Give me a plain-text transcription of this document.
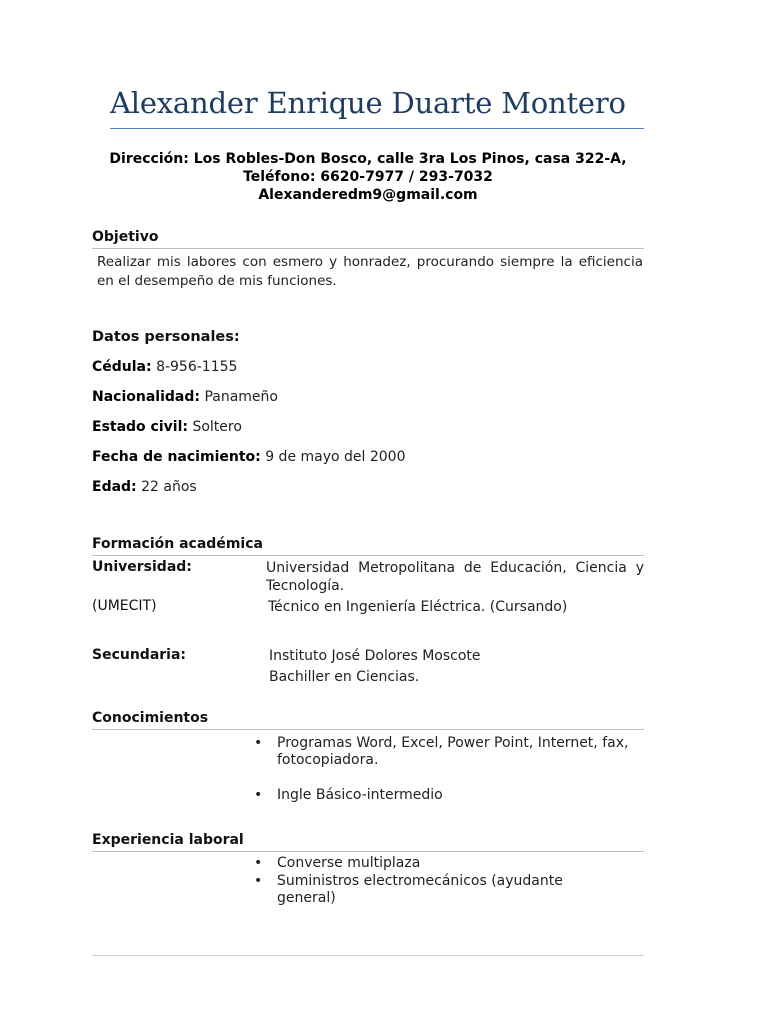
Alexander Enrique Duarte Montero
Dirección: Los Robles-Don Bosco, calle 3ra Los Pinos, casa 322-A,
Teléfono: 6620-7977 / 293-7032
Alexanderedm9@gmail.com
Objetivo
Realizar mis labores con esmero y honradez, procurando siempre la eficiencia en el desempeño de mis funciones.
Datos personales:
Cédula: 8-956-1155
Nacionalidad: Panameño
Estado civil: Soltero
Fecha de nacimiento: 9 de mayo del 2000
Edad: 22 años
Formación académica
Universidad:	Universidad Metropolitana de Educación, Ciencia y Tecnología.
(UMECIT)	Técnico en Ingeniería Eléctrica. (Cursando)
Secundaria:	Instituto José Dolores Moscote
Bachiller en Ciencias.
Conocimientos
• Programas Word, Excel, Power Point, Internet, fax, fotocopiadora.
• Ingle Básico-intermedio
Experiencia laboral
• Converse multiplaza
• Suministros electromecánicos (ayudante general)
